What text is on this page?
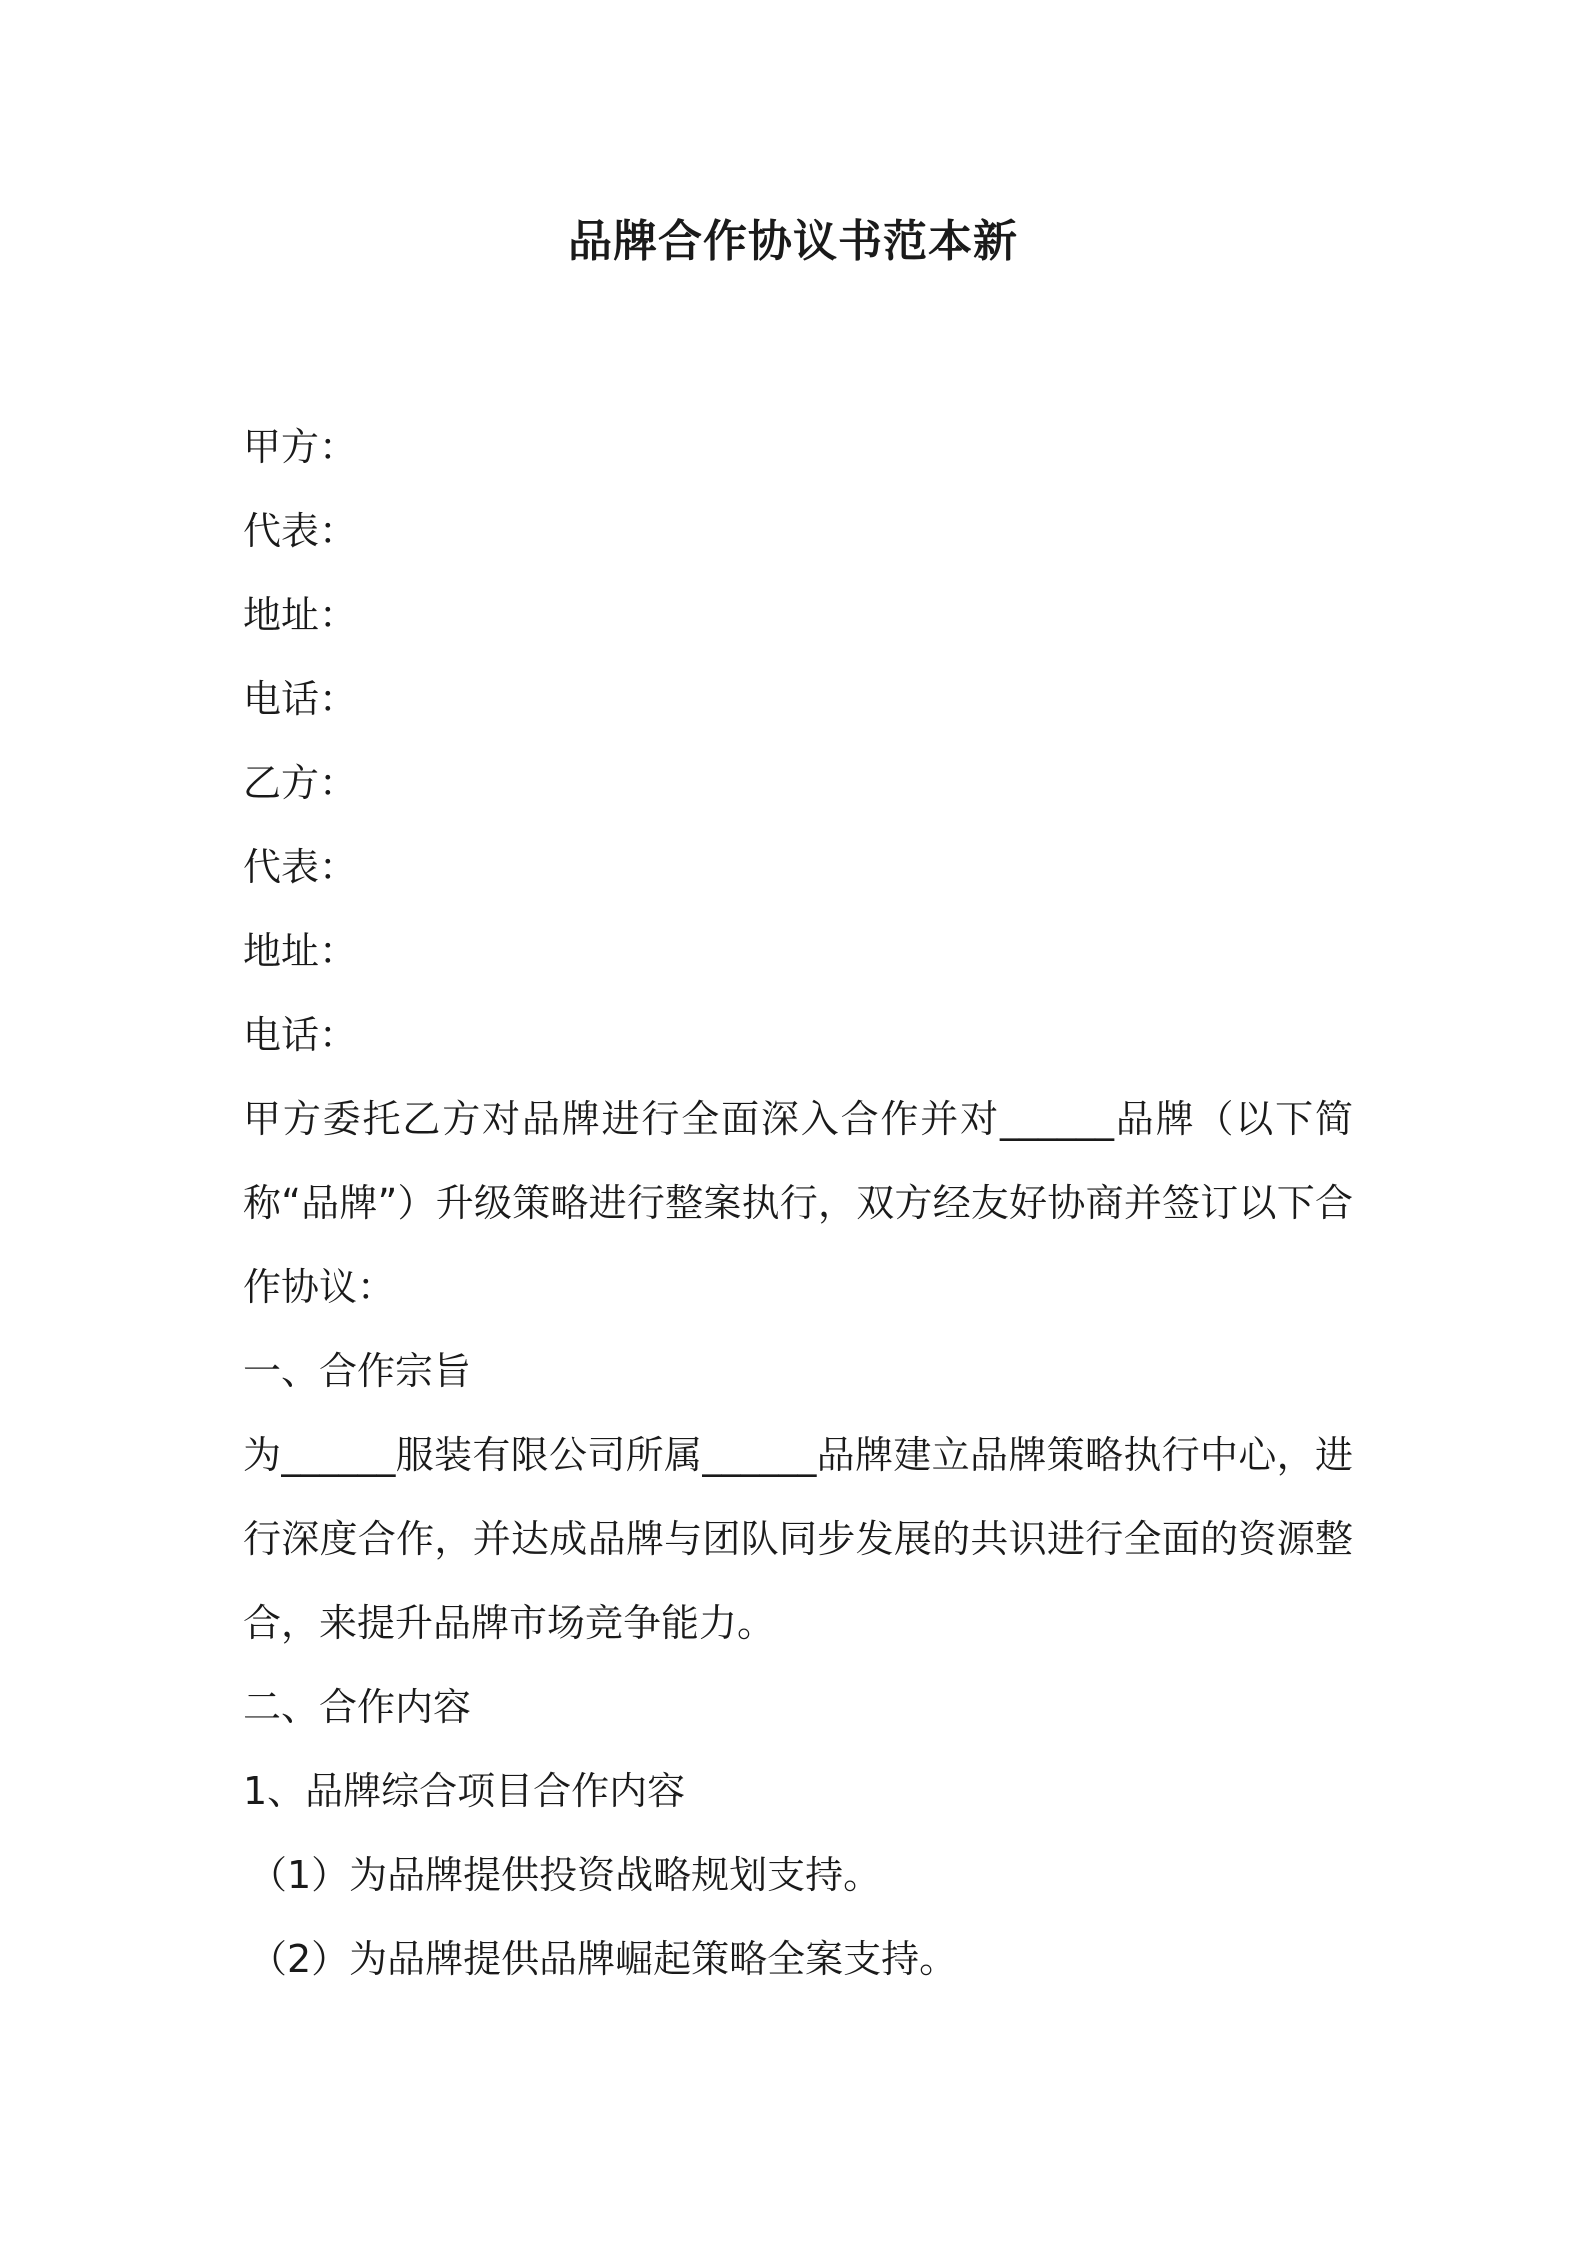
品牌合作协议书范本新
甲方：
代表：
地址：
电话：
乙方：
代表：
地址：
电话：
甲方委托乙方对品牌进行全面深入合作并对______品牌（以下简称“品牌”）升级策略进行整案执行，双方经友好协商并签订以下合作协议：
一、合作宗旨
为______服装有限公司所属______品牌建立品牌策略执行中心，进行深度合作，并达成品牌与团队同步发展的共识进行全面的资源整合，来提升品牌市场竞争能力。
二、合作内容
1、品牌综合项目合作内容
（1）为品牌提供投资战略规划支持。
（2）为品牌提供品牌崛起策略全案支持。
